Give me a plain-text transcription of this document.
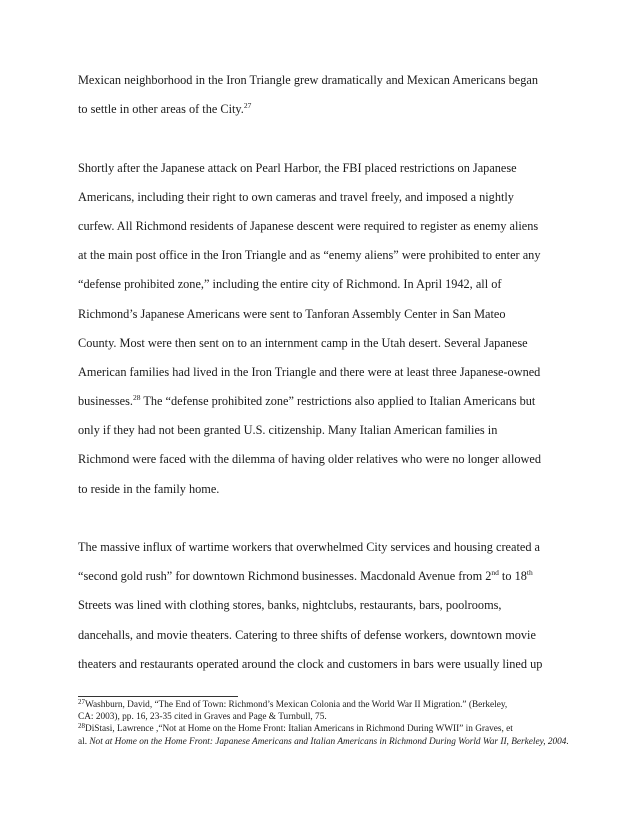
Mexican neighborhood in the Iron Triangle grew dramatically and Mexican Americans began
to settle in other areas of the City.$^{27}$

Shortly after the Japanese attack on Pearl Harbor, the FBI placed restrictions on Japanese
Americans, including their right to own cameras and travel freely, and imposed a nightly
curfew. All Richmond residents of Japanese descent were required to register as enemy aliens
at the main post office in the Iron Triangle and as “enemy aliens” were prohibited to enter any
“defense prohibited zone,” including the entire city of Richmond. In April 1942, all of
Richmond’s Japanese Americans were sent to Tanforan Assembly Center in San Mateo
County. Most were then sent on to an internment camp in the Utah desert. Several Japanese
American families had lived in the Iron Triangle and there were at least three Japanese-owned
businesses.$^{28}$ The “defense prohibited zone” restrictions also applied to Italian Americans but
only if they had not been granted U.S. citizenship. Many Italian American families in
Richmond were faced with the dilemma of having older relatives who were no longer allowed
to reside in the family home.

The massive influx of wartime workers that overwhelmed City services and housing created a
“second gold rush” for downtown Richmond businesses. Macdonald Avenue from 2nd to 18th
Streets was lined with clothing stores, banks, nightclubs, restaurants, bars, poolrooms,
dancehalls, and movie theaters. Catering to three shifts of defense workers, downtown movie
theaters and restaurants operated around the clock and customers in bars were usually lined up

$^{27}$Washburn, David, “The End of Town: Richmond’s Mexican Colonia and the World War II Migration.” (Berkeley,
CA: 2003), pp. 16, 23-35 cited in Graves and Page & Turnbull, 75.
$^{28}$DiStasi, Lawrence ,“Not at Home on the Home Front: Italian Americans in Richmond During WWII” in Graves, et
al. Not at Home on the Home Front: Japanese Americans and Italian Americans in Richmond During World War II, Berkeley, 2004.
